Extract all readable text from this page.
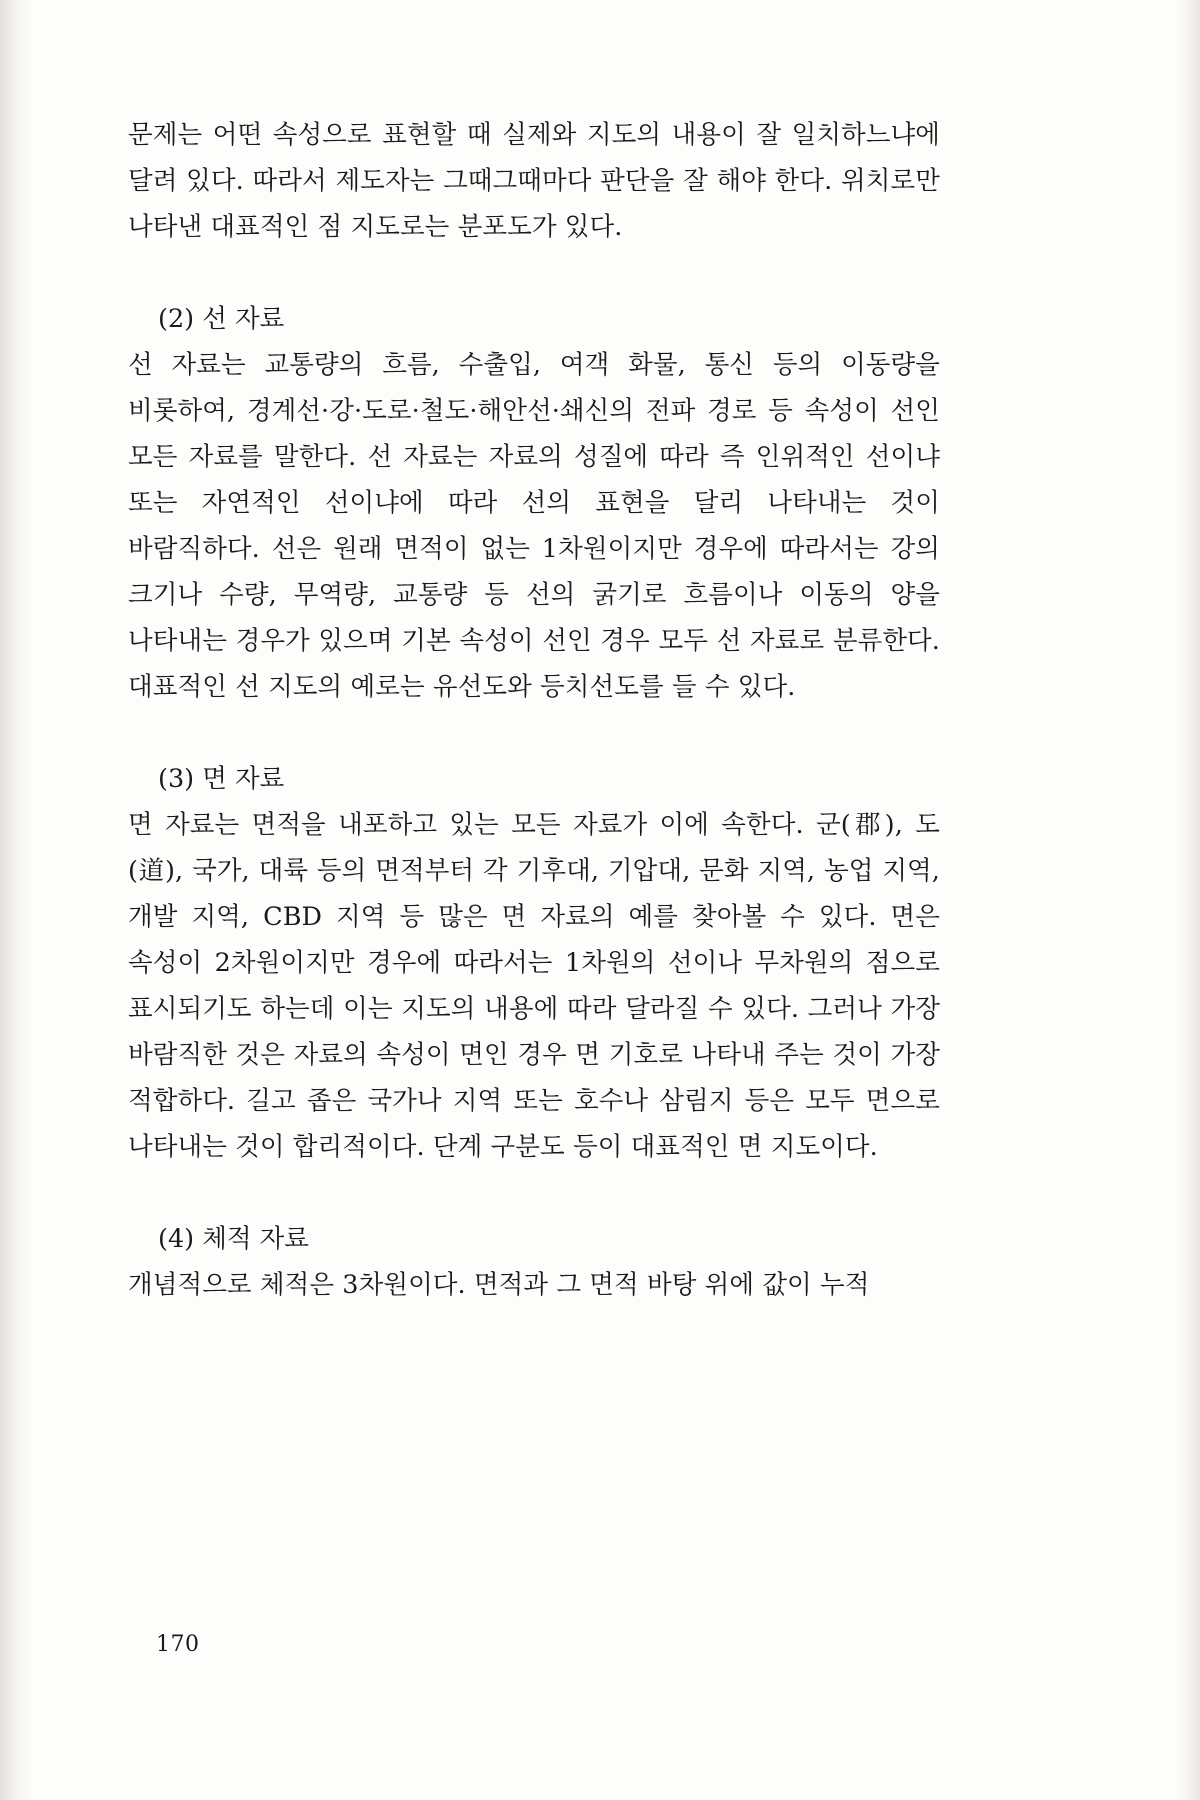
문제는 어떤 속성으로 표현할 때 실제와 지도의 내용이 잘 일치하느냐에 달려 있다. 따라서 제도자는 그때그때마다 판단을 잘 해야 한다. 위치로만 나타낸 대표적인 점 지도로는 분포도가 있다.

(2) 선 자료

선 자료는 교통량의 흐름, 수출입, 여객 화물, 통신 등의 이동량을 비롯하여, 경계선·강·도로·철도·해안선·쇄신의 전파 경로 등 속성이 선인 모든 자료를 말한다. 선 자료는 자료의 성질에 따라 즉 인위적인 선이냐 또는 자연적인 선이냐에 따라 선의 표현을 달리 나타내는 것이 바람직하다. 선은 원래 면적이 없는 1차원이지만 경우에 따라서는 강의 크기나 수량, 무역량, 교통량 등 선의 굵기로 흐름이나 이동의 양을 나타내는 경우가 있으며 기본 속성이 선인 경우 모두 선 자료로 분류한다. 대표적인 선 지도의 예로는 유선도와 등치선도를 들 수 있다.

(3) 면 자료

면 자료는 면적을 내포하고 있는 모든 자료가 이에 속한다. 군(郡), 도(道), 국가, 대륙 등의 면적부터 각 기후대, 기압대, 문화 지역, 농업 지역, 개발 지역, CBD 지역 등 많은 면 자료의 예를 찾아볼 수 있다. 면은 속성이 2차원이지만 경우에 따라서는 1차원의 선이나 무차원의 점으로 표시되기도 하는데 이는 지도의 내용에 따라 달라질 수 있다. 그러나 가장 바람직한 것은 자료의 속성이 면인 경우 면 기호로 나타내 주는 것이 가장 적합하다. 길고 좁은 국가나 지역 또는 호수나 삼림지 등은 모두 면으로 나타내는 것이 합리적이다. 단계 구분도 등이 대표적인 면 지도이다.

(4) 체적 자료

개념적으로 체적은 3차원이다. 면적과 그 면적 바탕 위에 값이 누적

170
